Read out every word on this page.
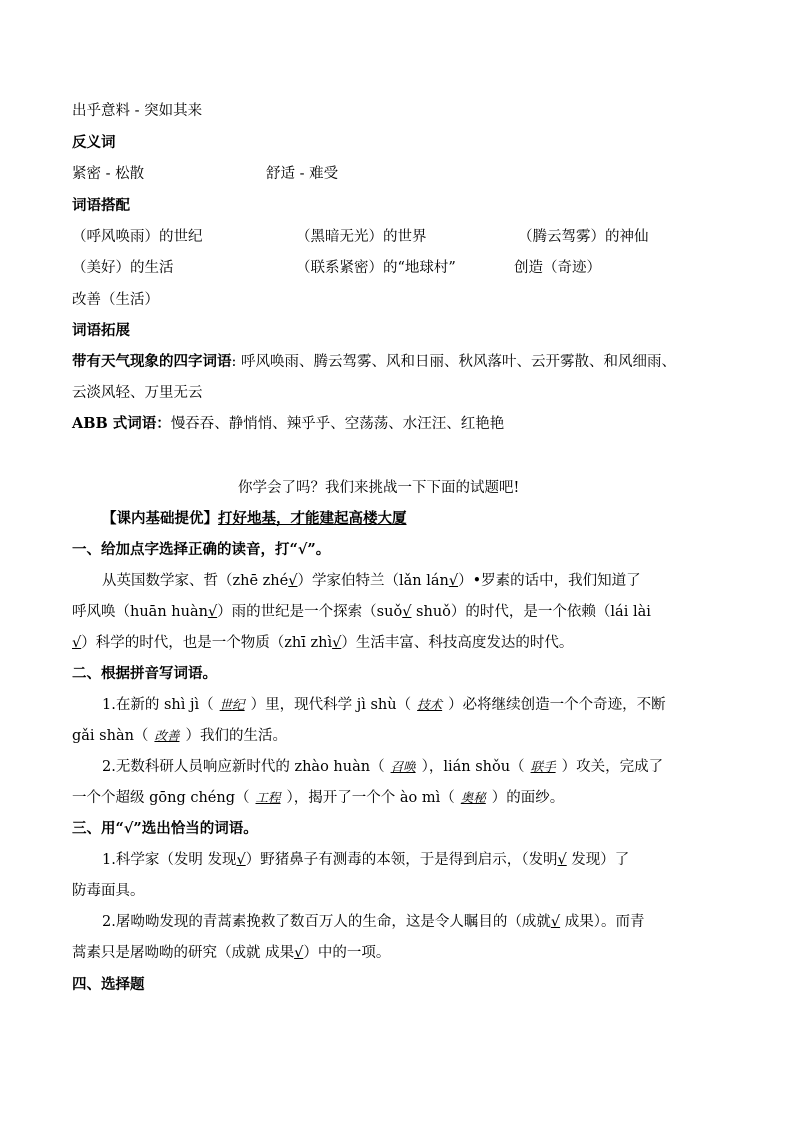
出乎意料 - 突如其来
反义词
紧密 - 松散	舒适 - 难受
词语搭配
（呼风唤雨）的世纪	（黑暗无光）的世界	（腾云驾雾）的神仙
（美好）的生活	（联系紧密）的“地球村”	创造（奇迹）
改善（生活）
词语拓展
带有天气现象的四字词语: 呼风唤雨、腾云驾雾、风和日丽、秋风落叶、云开雾散、和风细雨、
云淡风轻、万里无云
ABB 式词语：慢吞吞、静悄悄、辣乎乎、空荡荡、水汪汪、红艳艳
你学会了吗？我们来挑战一下下面的试题吧!
【课内基础提优】打好地基，才能建起高楼大厦
一、给加点字选择正确的读音，打“√”。
从英国数学家、哲（zhē zhé√）学家伯特兰（lǎn lán√）•罗素的话中，我们知道了
呼风唤（huān huàn√）雨的世纪是一个探索（suǒ√ shuǒ）的时代，是一个依赖（lái lài
√）科学的时代，也是一个物质（zhī zhì√）生活丰富、科技高度发达的时代。
二、根据拼音写词语。
1.在新的 shì jì（ 世纪 ）里，现代科学 jì shù（ 技术 ）必将继续创造一个个奇迹，不断
gǎi shàn（ 改善 ）我们的生活。
2.无数科研人员响应新时代的 zhào huàn（ 召唤 ），lián shǒu（ 联手 ）攻关，完成了
一个个超级 gōng chéng（ 工程 ），揭开了一个个 ào mì（ 奥秘 ）的面纱。
三、用“√”选出恰当的词语。
1.科学家（发明 发现√）野猪鼻子有测毒的本领，于是得到启示，（发明√ 发现）了
防毒面具。
2.屠呦呦发现的青蒿素挽救了数百万人的生命，这是令人瞩目的（成就√ 成果）。而青
蒿素只是屠呦呦的研究（成就 成果√）中的一项。
四、选择题
